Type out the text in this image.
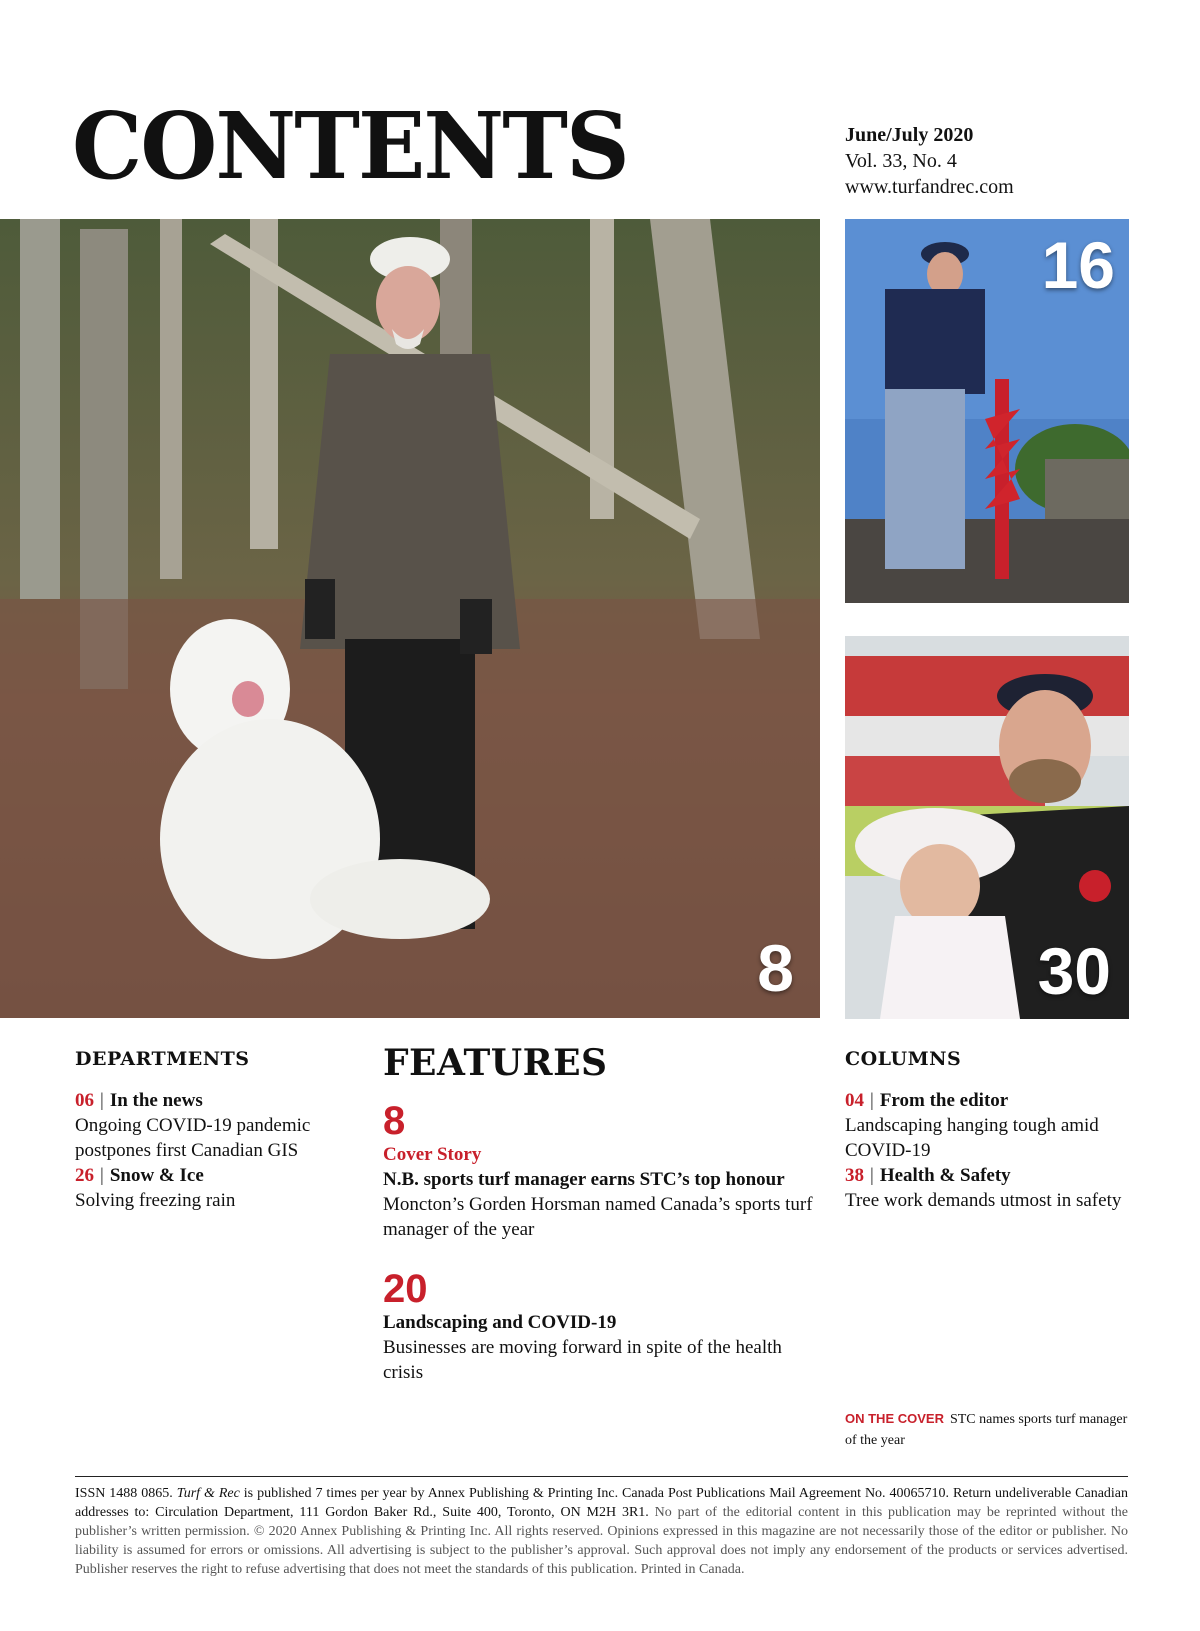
CONTENTS	June/July 2020
Vol. 33, No. 4
www.turfandrec.com
8
16
30
DEPARTMENTS
06 | In the news
Ongoing COVID-19 pandemic postpones first Canadian GIS
26 | Snow & Ice
Solving freezing rain
FEATURES
8
Cover Story
N.B. sports turf manager earns STC’s top honour
Moncton’s Gorden Horsman named Canada’s sports turf manager of the year
20
Landscaping and COVID-19
Businesses are moving forward in spite of the health crisis
COLUMNS
04 | From the editor
Landscaping hanging tough amid COVID-19
38 | Health & Safety
Tree work demands utmost in safety
ON THE COVER STC names sports turf manager of the year
ISSN 1488 0865. Turf & Rec is published 7 times per year by Annex Publishing & Printing Inc. Canada Post Publications Mail Agreement No. 40065710. Return undeliverable Canadian addresses to: Circulation Department, 111 Gordon Baker Rd., Suite 400, Toronto, ON M2H 3R1. No part of the editorial content in this publication may be reprinted without the publisher’s written permission. © 2020 Annex Publishing & Printing Inc. All rights reserved. Opinions expressed in this magazine are not necessarily those of the editor or publisher. No liability is assumed for errors or omissions. All advertising is subject to the publisher’s approval. Such approval does not imply any endorsement of the products or services advertised. Publisher reserves the right to refuse advertising that does not meet the standards of this publication. Printed in Canada.
